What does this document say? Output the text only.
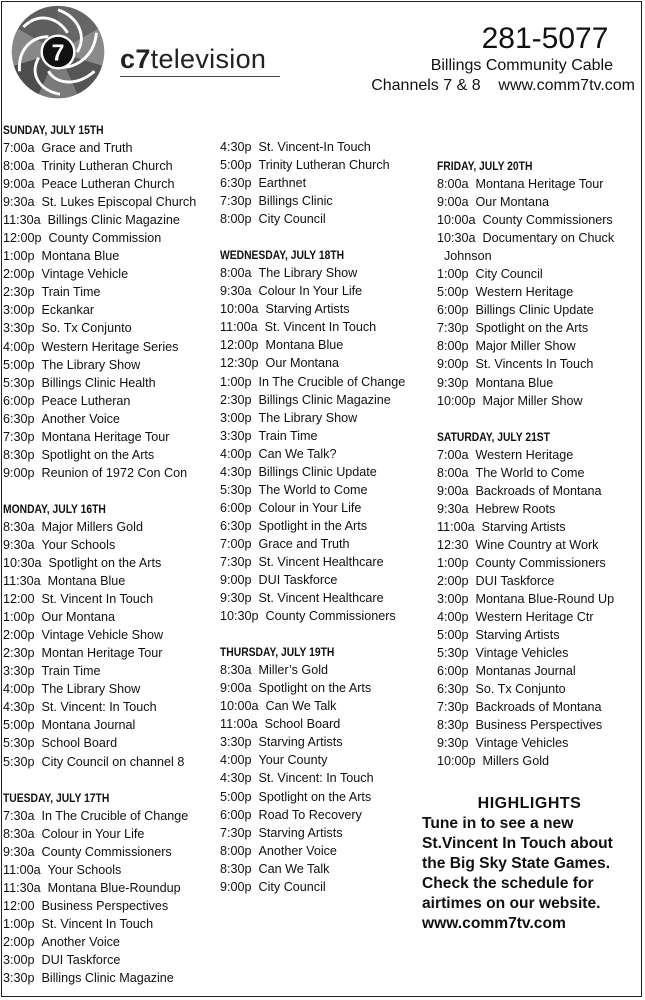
7 c7television
281-5077
Billings Community Cable
Channels 7 & 8    www.comm7tv.com
SUNDAY, JULY 15TH
7:00a Grace and Truth
8:00a Trinity Lutheran Church
9:00a Peace Lutheran Church
9:30a St. Lukes Episcopal Church
11:30a Billings Clinic Magazine
12:00p County Commission
1:00p Montana Blue
2:00p Vintage Vehicle
2:30p Train Time
3:00p Eckankar
3:30p So. Tx Conjunto
4:00p Western Heritage Series
5:00p The Library Show
5:30p Billings Clinic Health
6:00p Peace Lutheran
6:30p Another Voice
7:30p Montana Heritage Tour
8:30p Spotlight on the Arts
9:00p Reunion of 1972 Con Con
MONDAY, JULY 16TH
8:30a Major Millers Gold
9:30a Your Schools
10:30a Spotlight on the Arts
11:30a Montana Blue
12:00 St. Vincent In Touch
1:00p Our Montana
2:00p Vintage Vehicle Show
2:30p Montan Heritage Tour
3:30p Train Time
4:00p The Library Show
4:30p St. Vincent: In Touch
5:00p Montana Journal
5:30p School Board
5:30p City Council on channel 8
TUESDAY, JULY 17TH
7:30a In The Crucible of Change
8:30a Colour in Your Life
9:30a County Commissioners
11:00a Your Schools
11:30a Montana Blue-Roundup
12:00 Business Perspectives
1:00p St. Vincent In Touch
2:00p Another Voice
3:00p DUI Taskforce
3:30p Billings Clinic Magazine
4:30p St. Vincent-In Touch
5:00p Trinity Lutheran Church
6:30p Earthnet
7:30p Billings Clinic
8:00p City Council
WEDNESDAY, JULY 18TH
8:00a The Library Show
9:30a Colour In Your Life
10:00a Starving Artists
11:00a St. Vincent In Touch
12:00p Montana Blue
12:30p Our Montana
1:00p In The Crucible of Change
2:30p Billings Clinic Magazine
3:00p The Library Show
3:30p Train Time
4:00p Can We Talk?
4:30p Billings Clinic Update
5:30p The World to Come
6:00p Colour in Your Life
6:30p Spotlight in the Arts
7:00p Grace and Truth
7:30p St. Vincent Healthcare
9:00p DUI Taskforce
9:30p St. Vincent Healthcare
10:30p County Commissioners
THURSDAY, JULY 19TH
8:30a Miller’s Gold
9:00a Spotlight on the Arts
10:00a Can We Talk
11:00a School Board
3:30p Starving Artists
4:00p Your County
4:30p St. Vincent: In Touch
5:00p Spotlight on the Arts
6:00p Road To Recovery
7:30p Starving Artists
8:00p Another Voice
8:30p Can We Talk
9:00p City Council
FRIDAY, JULY 20TH
8:00a Montana Heritage Tour
9:00a Our Montana
10:00a County Commissioners
10:30a Documentary on Chuck
Johnson
1:00p City Council
5:00p Western Heritage
6:00p Billings Clinic Update
7:30p Spotlight on the Arts
8:00p Major Miller Show
9:00p St. Vincents In Touch
9:30p Montana Blue
10:00p Major Miller Show
SATURDAY, JULY 21ST
7:00a Western Heritage
8:00a The World to Come
9:00a Backroads of Montana
9:30a Hebrew Roots
11:00a Starving Artists
12:30 Wine Country at Work
1:00p County Commissioners
2:00p DUI Taskforce
3:00p Montana Blue-Round Up
4:00p Western Heritage Ctr
5:00p Starving Artists
5:30p Vintage Vehicles
6:00p Montanas Journal
6:30p So. Tx Conjunto
7:30p Backroads of Montana
8:30p Business Perspectives
9:30p Vintage Vehicles
10:00p Millers Gold
HIGHLIGHTS
Tune in to see a new St.Vincent In Touch about the Big Sky State Games. Check the schedule for airtimes on our website. www.comm7tv.com
